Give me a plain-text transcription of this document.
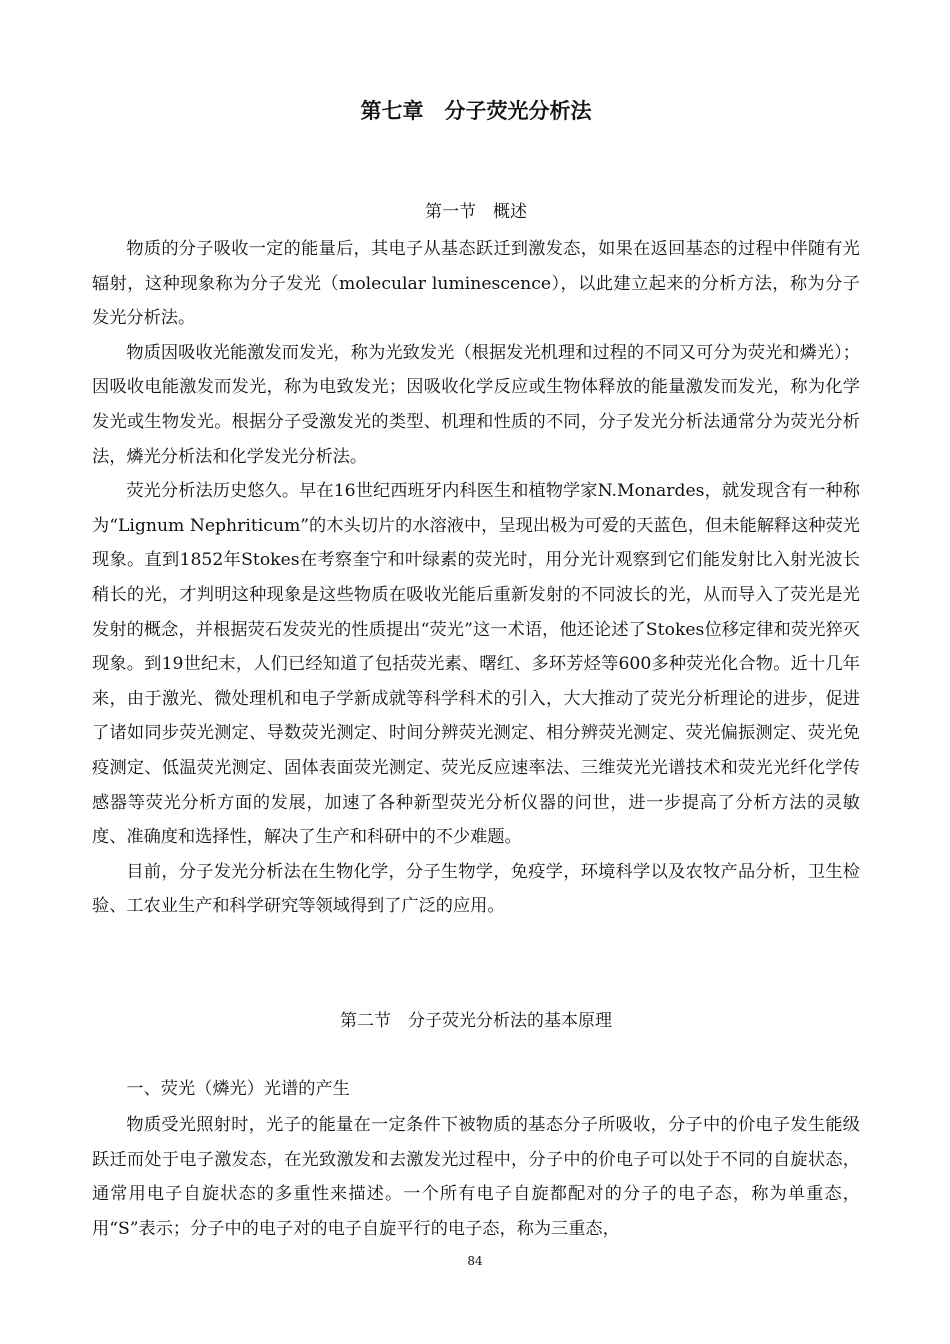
第七章　分子荧光分析法
第一节　概述

物质的分子吸收一定的能量后，其电子从基态跃迁到激发态，如果在返回基态的过程中伴随有光辐射，这种现象称为分子发光（molecular luminescence），以此建立起来的分析方法，称为分子发光分析法。

物质因吸收光能激发而发光，称为光致发光（根据发光机理和过程的不同又可分为荧光和燐光）；因吸收电能激发而发光，称为电致发光；因吸收化学反应或生物体释放的能量激发而发光，称为化学发光或生物发光。根据分子受激发光的类型、机理和性质的不同，分子发光分析法通常分为荧光分析法，燐光分析法和化学发光分析法。

荧光分析法历史悠久。早在16世纪西班牙内科医生和植物学家N.Monardes，就发现含有一种称为“Lignum Nephriticum”的木头切片的水溶液中，呈现出极为可爱的天蓝色，但未能解释这种荧光现象。直到1852年Stokes在考察奎宁和叶绿素的荧光时，用分光计观察到它们能发射比入射光波长稍长的光，才判明这种现象是这些物质在吸收光能后重新发射的不同波长的光，从而导入了荧光是光发射的概念，并根据荧石发荧光的性质提出“荧光”这一术语，他还论述了Stokes位移定律和荧光猝灭现象。到19世纪末，人们已经知道了包括荧光素、曙红、多环芳烃等600多种荧光化合物。近十几年来，由于激光、微处理机和电子学新成就等科学科术的引入，大大推动了荧光分析理论的进步，促进了诸如同步荧光测定、导数荧光测定、时间分辨荧光测定、相分辨荧光测定、荧光偏振测定、荧光免疫测定、低温荧光测定、固体表面荧光测定、荧光反应速率法、三维荧光光谱技术和荧光光纤化学传感器等荧光分析方面的发展，加速了各种新型荧光分析仪器的问世，进一步提高了分析方法的灵敏度、准确度和选择性，解决了生产和科研中的不少难题。

目前，分子发光分析法在生物化学，分子生物学，免疫学，环境科学以及农牧产品分析，卫生检验、工农业生产和科学研究等领域得到了广泛的应用。

第二节　分子荧光分析法的基本原理

一、荧光（燐光）光谱的产生

物质受光照射时，光子的能量在一定条件下被物质的基态分子所吸收，分子中的价电子发生能级跃迁而处于电子激发态，在光致激发和去激发光过程中，分子中的价电子可以处于不同的自旋状态，通常用电子自旋状态的多重性来描述。一个所有电子自旋都配对的分子的电子态，称为单重态，用“S”表示；分子中的电子对的电子自旋平行的电子态，称为三重态，

84
